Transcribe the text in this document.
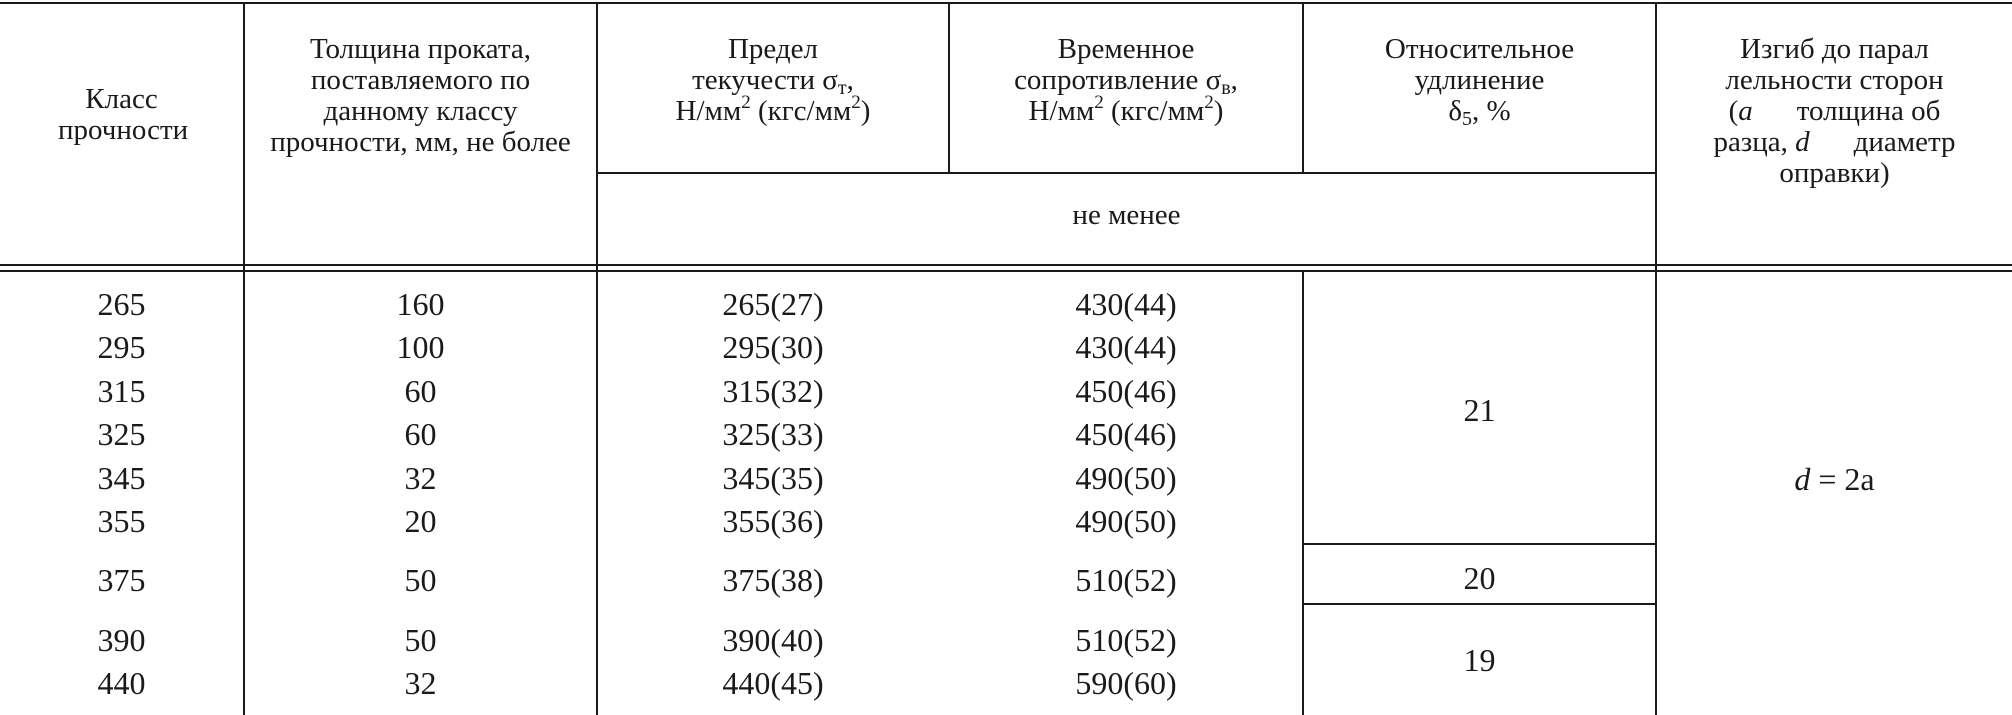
Класс прочности
Толщина проката, поставляемого по данному классу прочности, мм, не более
Предел
текучести $\sigma_т$,
$Н/мм^2$ $(кгс/мм^2)$
Временное
сопротивление $\sigma_в$,
$Н/мм^2$ $(кгс/мм^2)$
Относительное
удлинение
$\delta_5$, %
Изгиб до парал
лельности сторон
(a толщина об
разца, d диаметр
оправки)
не менее
265
295
315
325
345
355
375
390
440
160
100
60
60
32
20
50
50
32
265(27)
295(30)
315(32)
325(33)
345(35)
355(36)
375(38)
390(40)
440(45)
430(44)
430(44)
450(46)
450(46)
490(50)
490(50)
510(52)
510(52)
590(60)
21
20
19
d = 2a
